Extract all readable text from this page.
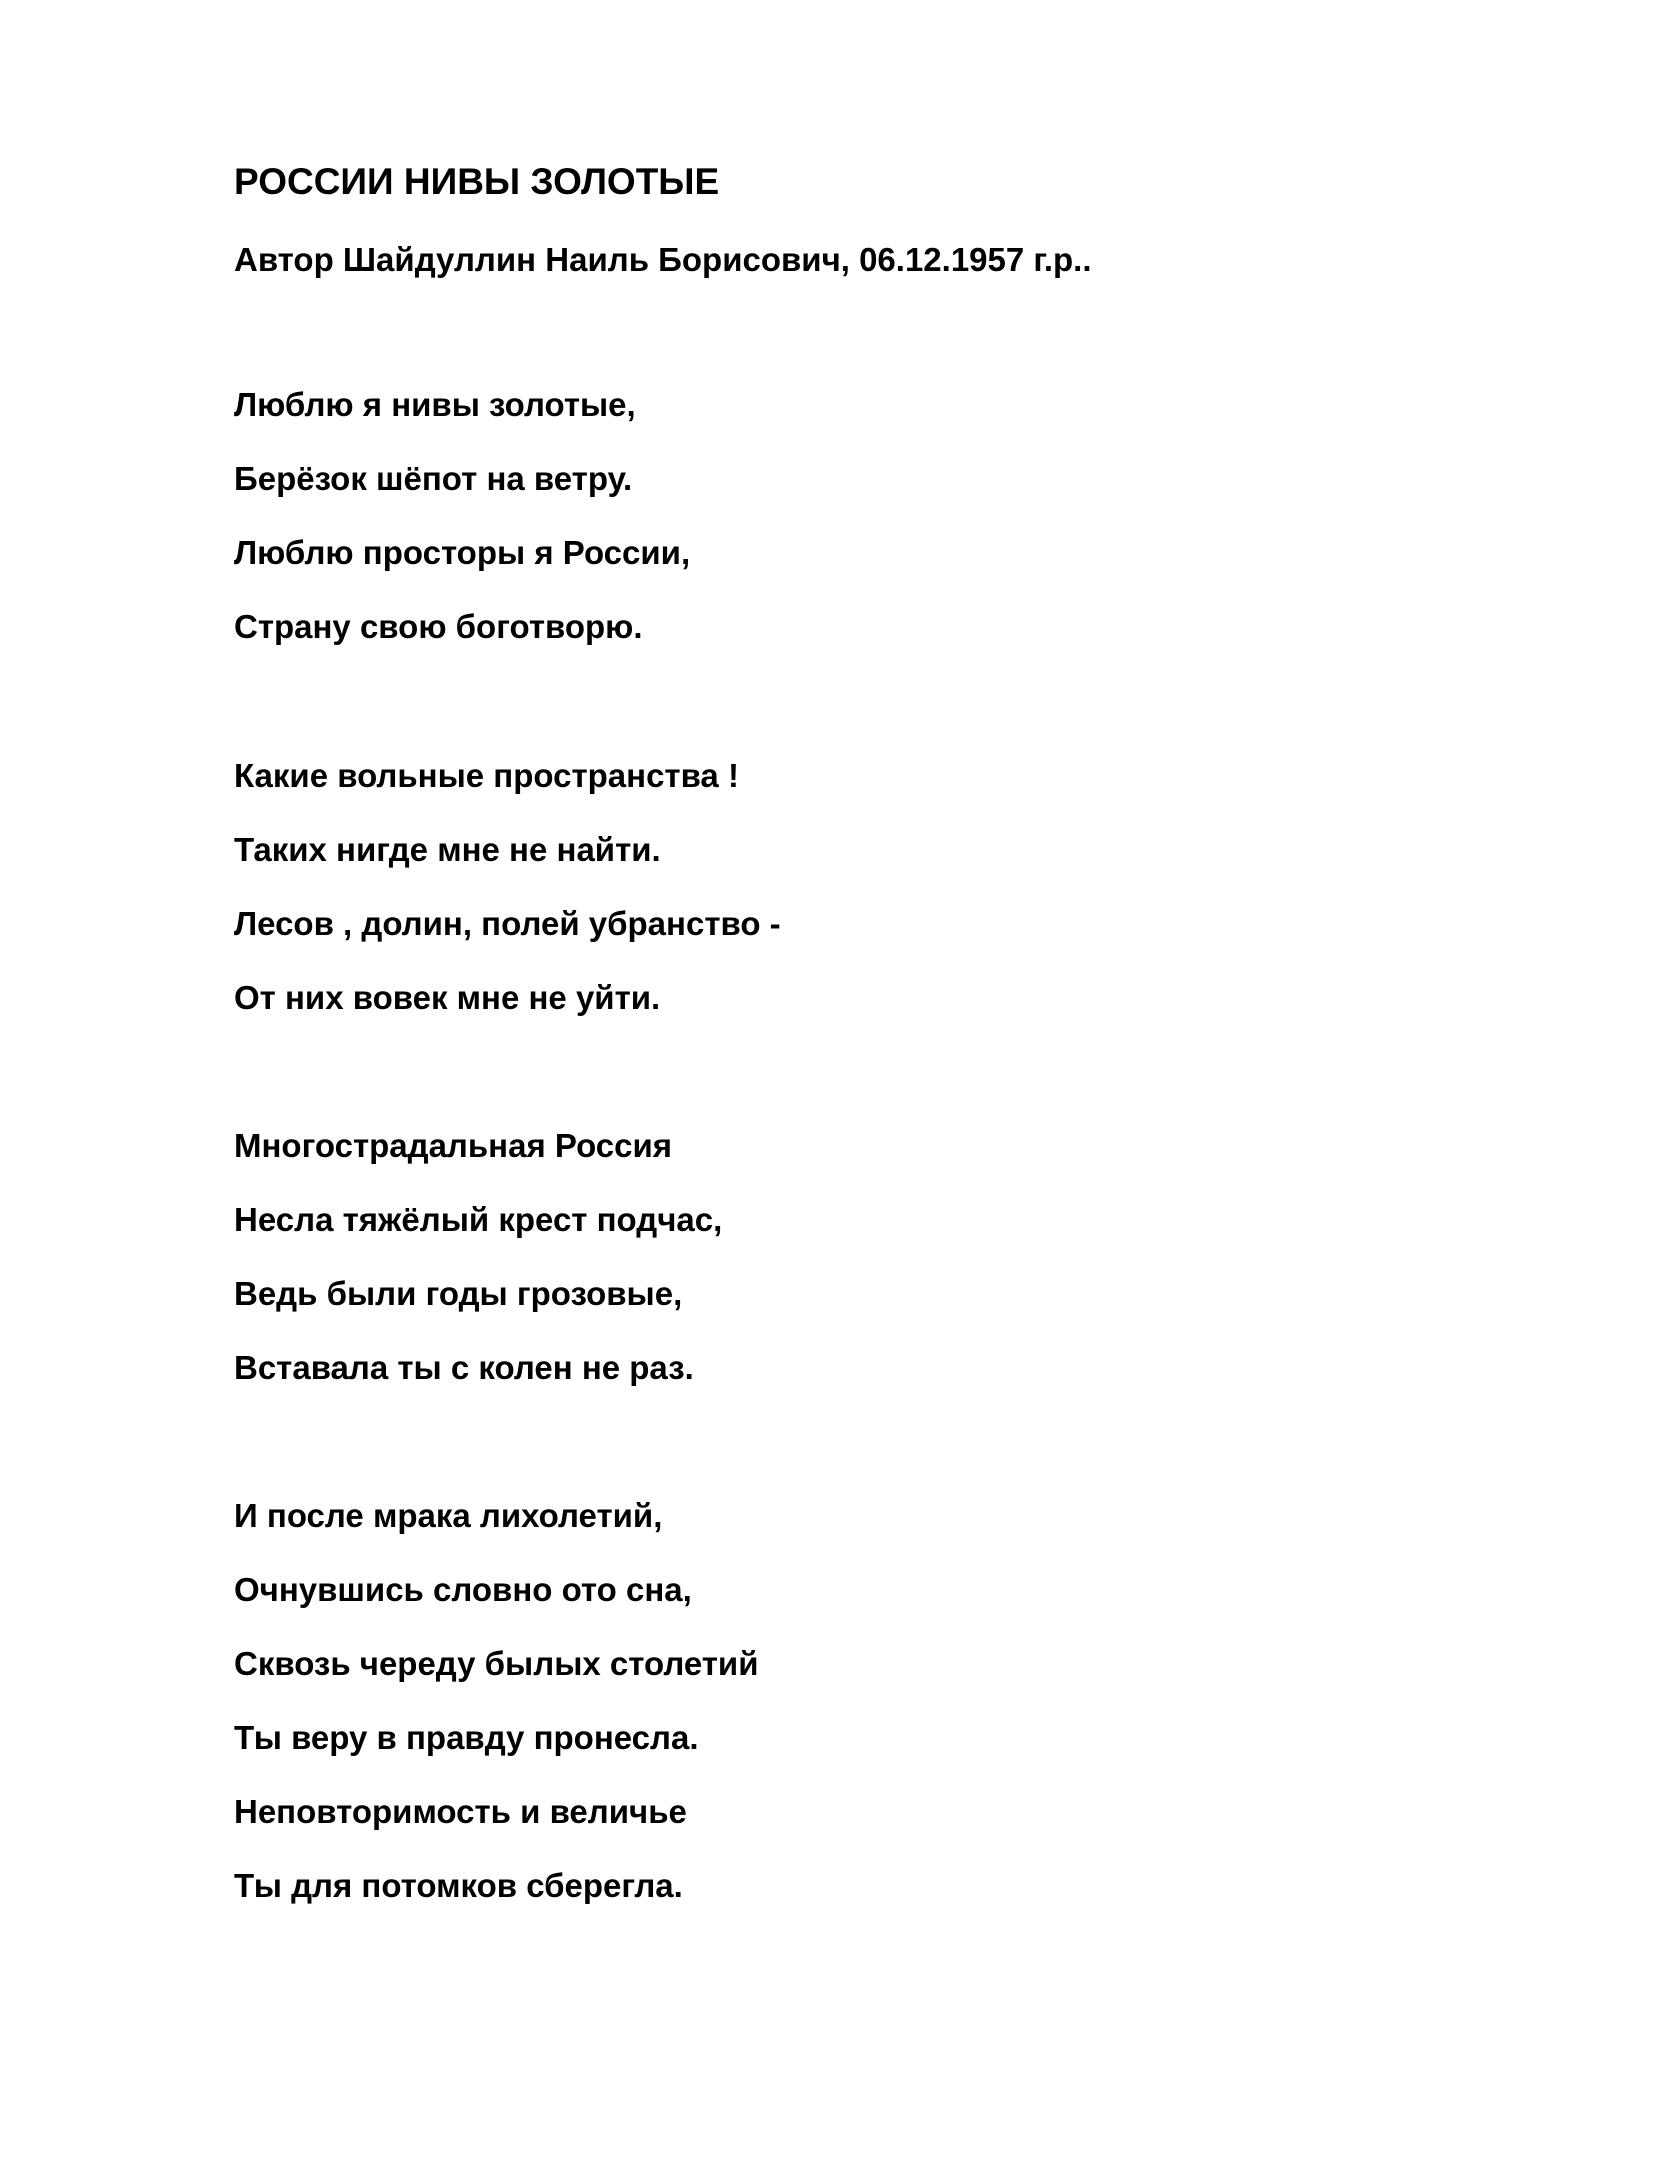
РОССИИ НИВЫ ЗОЛОТЫЕ

Автор Шайдуллин Наиль Борисович, 06.12.1957 г.р..

Люблю я нивы золотые,
Берёзок шёпот на ветру.
Люблю просторы я России,
Страну свою боготворю.
Какие вольные пространства !
Таких нигде мне не найти.
Лесов , долин, полей убранство -
От них вовек мне не уйти.
Многострадальная Россия
Несла тяжёлый крест подчас,
Ведь были годы грозовые,
Вставала ты с колен не раз.
И после мрака лихолетий,
Очнувшись словно ото сна,
Сквозь череду былых столетий
Ты веру в правду пронесла.
Неповторимость и величье
Ты для потомков сберегла.
